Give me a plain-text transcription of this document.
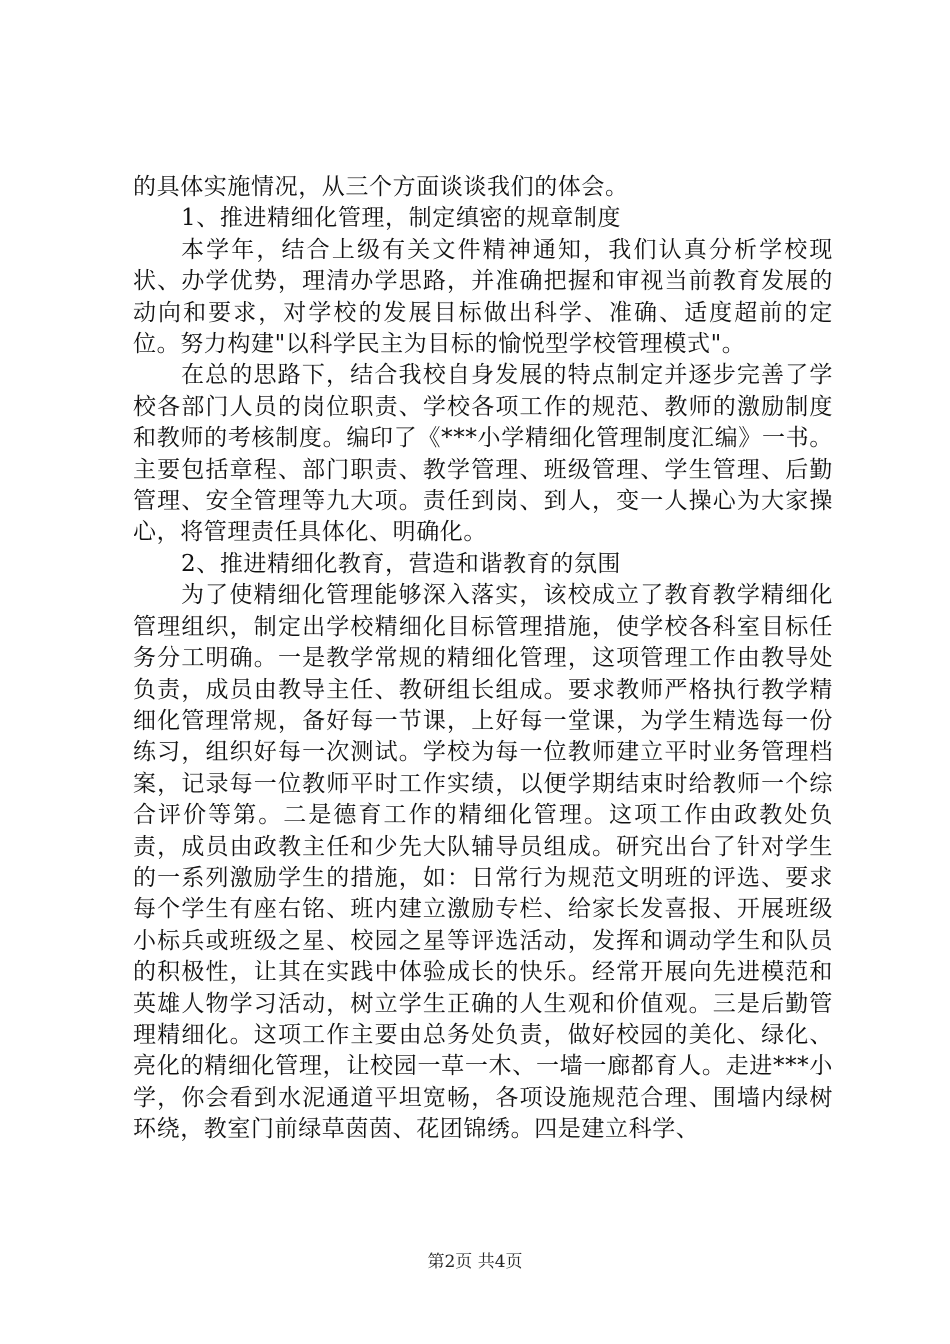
的具体实施情况，从三个方面谈谈我们的体会。

1、推进精细化管理，制定缜密的规章制度

本学年，结合上级有关文件精神通知，我们认真分析学校现状、办学优势，理清办学思路，并准确把握和审视当前教育发展的动向和要求，对学校的发展目标做出科学、准确、适度超前的定位。努力构建"以科学民主为目标的愉悦型学校管理模式"。

在总的思路下，结合我校自身发展的特点制定并逐步完善了学校各部门人员的岗位职责、学校各项工作的规范、教师的激励制度和教师的考核制度。编印了《***小学精细化管理制度汇编》一书。主要包括章程、部门职责、教学管理、班级管理、学生管理、后勤管理、安全管理等九大项。责任到岗、到人，变一人操心为大家操心，将管理责任具体化、明确化。

2、推进精细化教育，营造和谐教育的氛围

为了使精细化管理能够深入落实，该校成立了教育教学精细化管理组织，制定出学校精细化目标管理措施，使学校各科室目标任务分工明确。一是教学常规的精细化管理，这项管理工作由教导处负责，成员由教导主任、教研组长组成。要求教师严格执行教学精细化管理常规，备好每一节课，上好每一堂课，为学生精选每一份练习，组织好每一次测试。学校为每一位教师建立平时业务管理档案，记录每一位教师平时工作实绩，以便学期结束时给教师一个综合评价等第。二是德育工作的精细化管理。这项工作由政教处负责，成员由政教主任和少先大队辅导员组成。研究出台了针对学生的一系列激励学生的措施，如：日常行为规范文明班的评选、要求每个学生有座右铭、班内建立激励专栏、给家长发喜报、开展班级小标兵或班级之星、校园之星等评选活动，发挥和调动学生和队员的积极性，让其在实践中体验成长的快乐。经常开展向先进模范和英雄人物学习活动，树立学生正确的人生观和价值观。三是后勤管理精细化。这项工作主要由总务处负责，做好校园的美化、绿化、亮化的精细化管理，让校园一草一木、一墙一廊都育人。走进***小学，你会看到水泥通道平坦宽畅，各项设施规范合理、围墙内绿树环绕，教室门前绿草茵茵、花团锦绣。四是建立科学、

第2页 共4页
